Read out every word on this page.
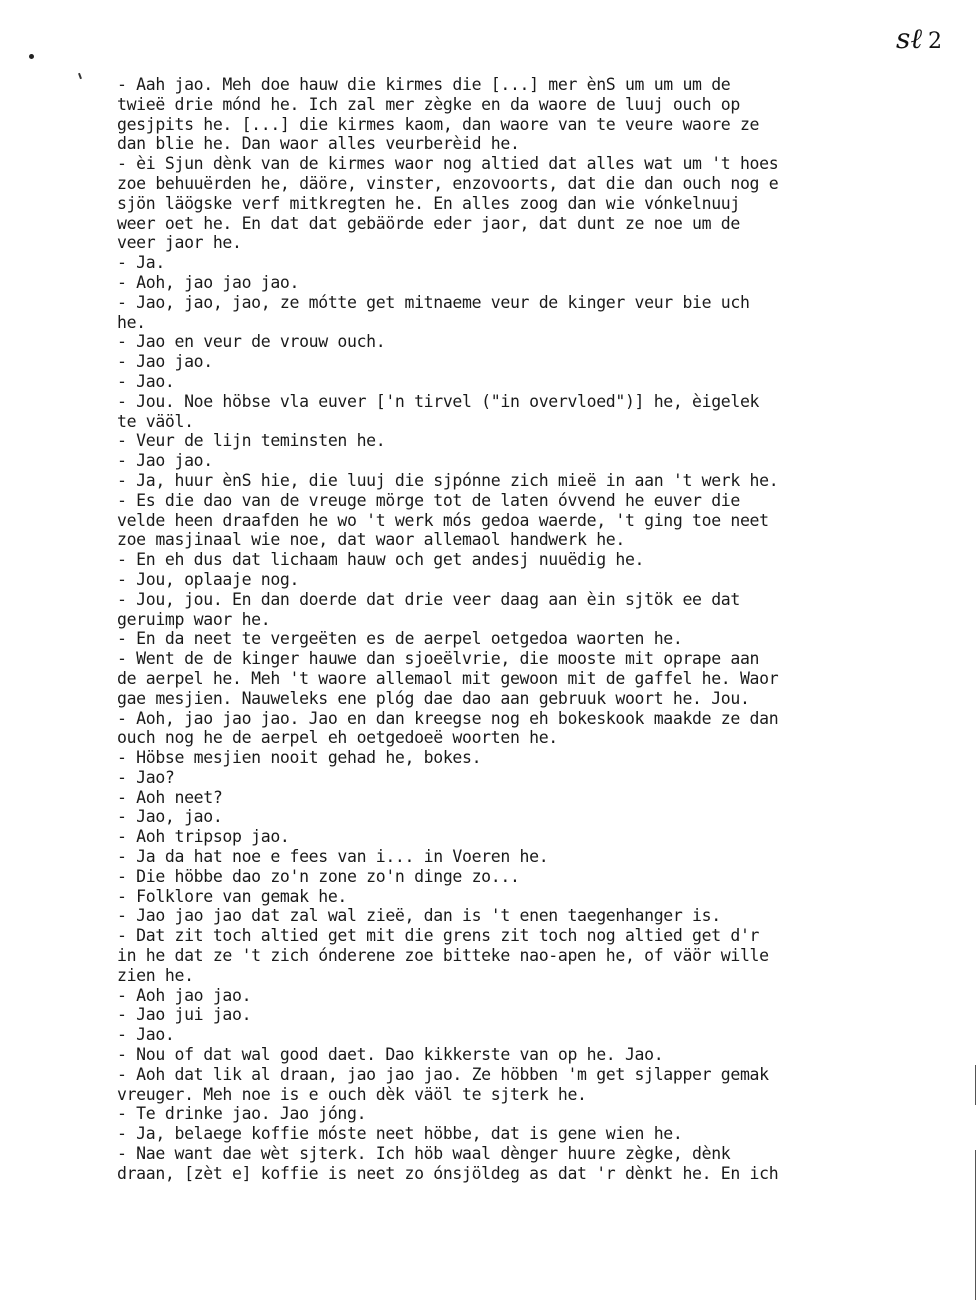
sℓ 2
- Aah jao. Meh doe hauw die kirmes die [...] mer ènS um um um de
twieë drie mónd he. Ich zal mer zègke en da waore de luuj ouch op
gesjpits he. [...] die kirmes kaom, dan waore van te veure waore ze
dan blie he. Dan waor alles veurberèid he.
- èi Sjun dènk van de kirmes waor nog altied dat alles wat um 't hoes
zoe behuuërden he, däöre, vinster, enzovoorts, dat die dan ouch nog e
sjön läögske verf mitkregten he. En alles zoog dan wie vónkelnuuj
weer oet he. En dat dat gebäörde eder jaor, dat dunt ze noe um de
veer jaor he.
- Ja.
- Aoh, jao jao jao.
- Jao, jao, jao, ze mótte get mitnaeme veur de kinger veur bie uch
he.
- Jao en veur de vrouw ouch.
- Jao jao.
- Jao.
- Jou. Noe höbse vla euver ['n tirvel ("in overvloed")] he, èigelek
te väöl.
- Veur de lijn teminsten he.
- Jao jao.
- Ja, huur ènS hie, die luuj die sjpónne zich mieë in aan 't werk he.
- Es die dao van de vreuge mörge tot de laten óvvend he euver die
velde heen draafden he wo 't werk mós gedoa waerde, 't ging toe neet
zoe masjinaal wie noe, dat waor allemaol handwerk he.
- En eh dus dat lichaam hauw och get andesj nuuëdig he.
- Jou, oplaaje nog.
- Jou, jou. En dan doerde dat drie veer daag aan èin sjtök ee dat
geruimp waor he.
- En da neet te vergeëten es de aerpel oetgedoa waorten he.
- Went de de kinger hauwe dan sjoeëlvrie, die mooste mit oprape aan
de aerpel he. Meh 't waore allemaol mit gewoon mit de gaffel he. Waor
gae mesjien. Nauweleks ene plóg dae dao aan gebruuk woort he. Jou.
- Aoh, jao jao jao. Jao en dan kreegse nog eh bokeskook maakde ze dan
ouch nog he de aerpel eh oetgedoeë woorten he.
- Höbse mesjien nooit gehad he, bokes.
- Jao?
- Aoh neet?
- Jao, jao.
- Aoh tripsop jao.
- Ja da hat noe e fees van i... in Voeren he.
- Die höbbe dao zo'n zone zo'n dinge zo...
- Folklore van gemak he.
- Jao jao jao dat zal wal zieë, dan is 't enen taegenhanger is.
- Dat zit toch altied get mit die grens zit toch nog altied get d'r
in he dat ze 't zich ónderene zoe bitteke nao-apen he, of väör wille
zien he.
- Aoh jao jao.
- Jao jui jao.
- Jao.
- Nou of dat wal good daet. Dao kikkerste van op he. Jao.
- Aoh dat lik al draan, jao jao jao. Ze höbben 'm get sjlapper gemak
vreuger. Meh noe is e ouch dèk väöl te sjterk he.
- Te drinke jao. Jao jóng.
- Ja, belaege koffie móste neet höbbe, dat is gene wien he.
- Nae want dae wèt sjterk. Ich höb waal dènger huure zègke, dènk
draan, [zèt e] koffie is neet zo ónsjöldeg as dat 'r dènkt he. En ich
